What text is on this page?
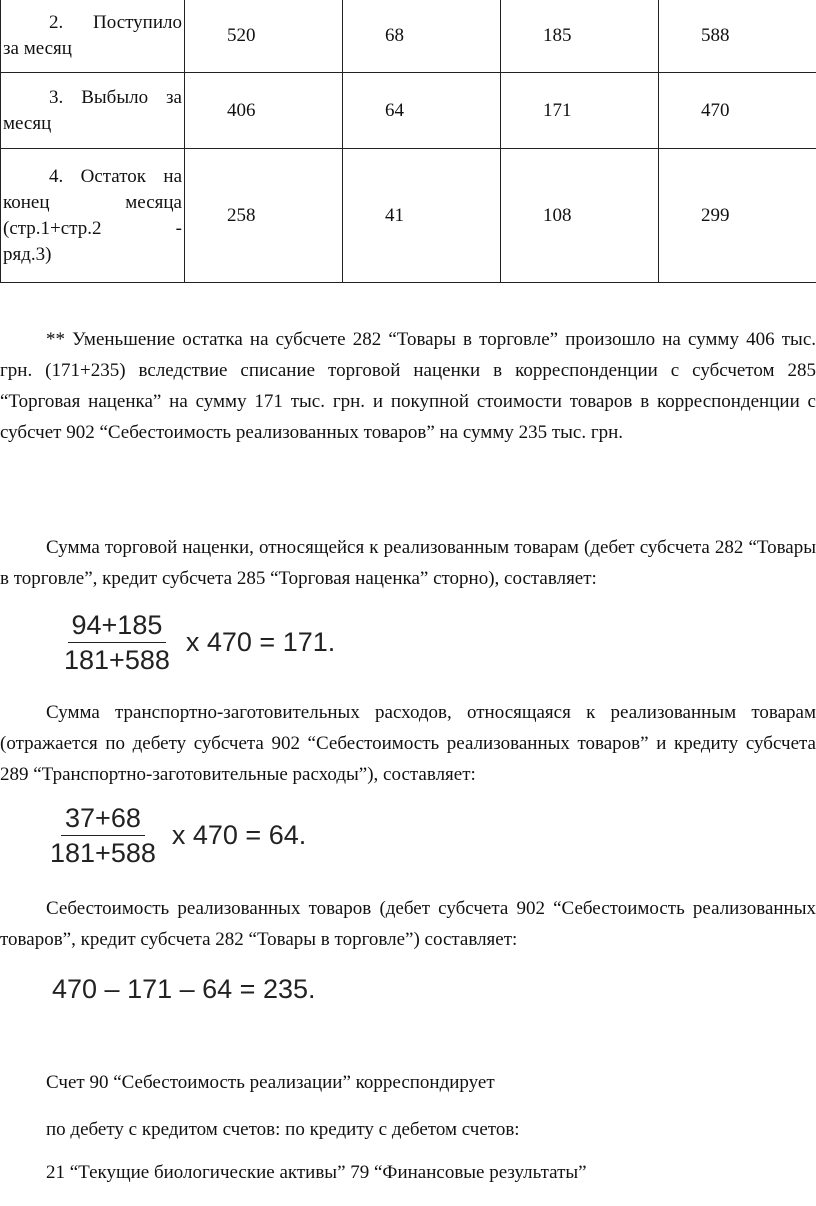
2. Поступило
за месяц	520	68	185	588

3. Выбыло за
месяц	406	64	171	470

4. Остаток на
конец месяца
(стр.1+стр.2 -
ряд.3)	258	41	108	299

** Уменьшение остатка на субсчете 282 “Товары в торговле” произошло на сумму 406 тыс. грн. (171+235) вследствие списание торговой наценки в корреспонденции с субсчетом 285 “Торговая наценка” на сумму 171 тыс. грн. и покупной стоимости товаров в корреспонденции с субсчет 902 “Себестоимость реализованных товаров” на сумму 235 тыс. грн.

Сумма торговой наценки, относящейся к реализованным товарам (дебет субсчета 282 “Товары в торговле”, кредит субсчета 285 “Торговая наценка” сторно), составляет:

$\frac{94+185}{181+588}$ x 470 = 171.

Сумма транспортно-заготовительных расходов, относящаяся к реализованным товарам (отражается по дебету субсчета 902 “Себестоимость реализованных товаров” и кредиту субсчета 289 “Транспортно-заготовительные расходы”), составляет:

$\frac{37+68}{181+588}$ x 470 = 64.

Себестоимость реализованных товаров (дебет субсчета 902 “Себестоимость реализованных товаров”, кредит субсчета 282 “Товары в торговле”) составляет:

470 – 171 – 64 = 235.

Счет 90 “Себестоимость реализации” корреспондирует

по дебету с кредитом счетов: по кредиту с дебетом счетов:

21 “Текущие биологические активы” 79 “Финансовые результаты”
